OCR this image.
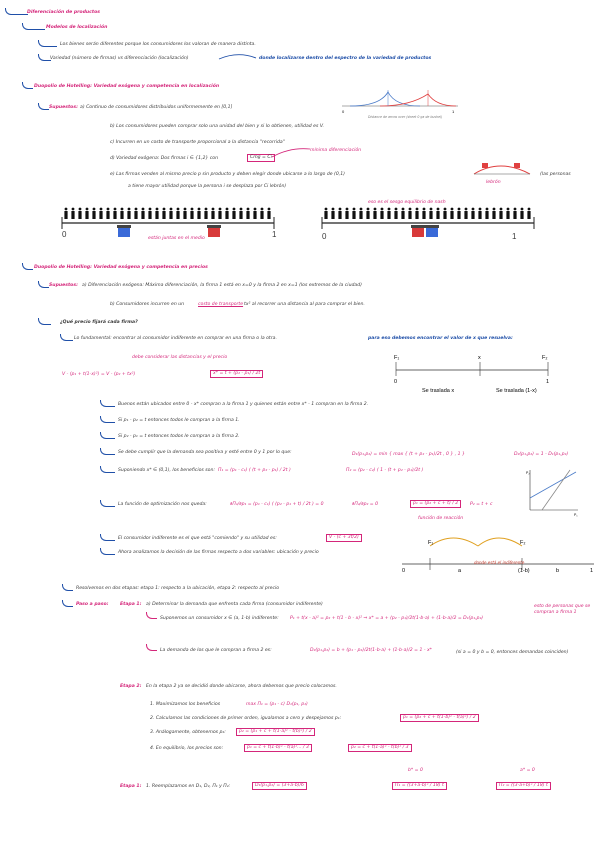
Diferenciación de productos
Modelos de localización
Los bienes serán diferentes porque los consumidores los valoran de manera distinta.
Variedad (número de firmas) vs diferenciación (localización)	donde localizarse dentro del espectro de la variedad de productos
Duopolio de Hotelling: Variedad exógena y competencia en localización
0	1
Distance de arrow over (sheet 0 ga de bushel)
Supuestos: a) Continuo de consumidores distribuidos uniformemente en [0,1]
b) Los consumidores pueden comprar solo una unidad del bien y si lo obtienen, utilidad es V.
c) Incurren en un costo de transporte proporcional a la distancia "recorrida"
d) Variedad exógena: Dos firmas i ∈ {1,2} con	Cmg = Ci
mínima diferenciación
e) Las firmas venden al mismo precio p sin producto y deben elegir donde ubicarse a lo largo de (0,1)
a tiene mayor utilidad porque la persona i se desplaza por Ci lebrón)
lebrón
(las personas
0	1
están juntas en el medio	0	1
eso es el sesgo equilibrio de nash
Duopolio de Hotelling: Variedad exógena y competencia en precios
Supuestos: a) Diferenciación exógena: Máxima diferenciación, la firma 1 está en x=0 y la firma 2 en x=1 (los extremos de la ciudad)
b) Consumidores incurren en un	costo de transporte tx² al recorrer una distancia al para comprar el bien.
¿Qué precio fijará cada firma?
Lo fundamental: encontrar al consumidor indiferente en comprar en una firma o la otra.	para eso debemos encontrar el valor de x que resuelva:
debe considerar las distancias y el precio
V - (p₁ + t(1-x)²) = V - (p₂ + tx²)	x* = t + (p₂ - p₁) / 2t
F₁	x	F₂
0	1
Se traslada x	Se traslada (1-x)
Buenos están ubicados entre 0 - x* compran a la firma 1 y quienes están entre x* - 1 compran en la firma 2.
Si p₁ - p₂ = t entonces todos le compran a la firma 1.
Si p₂ - p₁ = t entonces todos le compran a la firma 2.
Se debe cumplir que la demanda sea positiva y esté entre 0 y 1 por lo que:	D₁(p₁,p₂) = min { max { (t + p₂ - p₁)/2t , 0 } , 1 }	D₂(p₁,p₂) = 1 - D₁(p₁,p₂)
Suponiendo x* ∈ (0,1), los beneficios son: Π₁ = (p₁ - c₁) ( (t + p₂ - p₁) / 2t )	Π₂ = (p₂ - c₂) ( 1 - (t + p₂ - p₁)/2t )
La función de optimización nos queda:	∂Π₁/∂p₁ = (p₁ - c₁) ( (p₂ - p₁ + t) / 2t ) = 0	∂Π₂/∂p₂ = 0	p₁ = (p₂ + c + t) / 2	P₂ = t + c
función de reacción
P₂
P₁
El consumidor indiferente es el que está "comiendo" y su utilidad es:	V - (c + 3t/2)
Ahora analizamos la decisión de las firmas respecto a dos variables: ubicación y precio
F₁	F₂
0	a	(1-b)	b	1
donde está el indiferente
Resolvemos en dos etapas: etapa 1: respecto a la ubicación, etapa 2: respecto al precio
Paso a paso:	Etapa 1: a) Determinar la demanda que enfrenta cada firma (consumidor indiferente)
Suponemos un consumidor x ∈ (a, 1-b) indiferente: P₁ + t(x - a)² = p₂ + t(1 - b - x)² ⇒ x* = a + (p₂ - p₁)/2t(1-b-a) + (1-b-a)/2 = D₁(p₁,p₂)
esto de personas que se compran a firma 1
La demanda de los que le compran a firma 2 es:	D₂(p₁,p₂) = b + (p₁ - p₂)/2t(1-b-a) + (1-b-a)/2 = 1 - x*	(si a = 0 y b = 0, entonces demandas coinciden)
Etapa 2: En la etapa 2 ya se decidió donde ubicarse, ahora debemos que precio colocamos.
1. Maximizamos los beneficios	max Π₁ = (p₁ - c) D₁(p₁, p₂)
2. Calculamos las condiciones de primer orden, igualamos a cero y despejamos p₁:	p₁ = (p₂ + c + t(1-b)² - t(a)²) / 2
3. Análogamente, obtenemos p₂:	p₂ = (p₁ + c + t(1-a)² - t(b)²) / 2
4. En equilibrio, los precios son:	p₁ = c + t(1-b)² - t(a)²... / 3	p₂ = c + t(1-a)² - t(b)² / 3
Etapa 1: 1. Reemplazamos en D₁, D₂, Π₁ y Π₂:	D₁(p₁,p₂) = (3+a-b)/6	Π₁ = ((3+a-b)² / 18) t	Π₂ = ((3-a+b)² / 18) t
b* = 0	a* = 0
